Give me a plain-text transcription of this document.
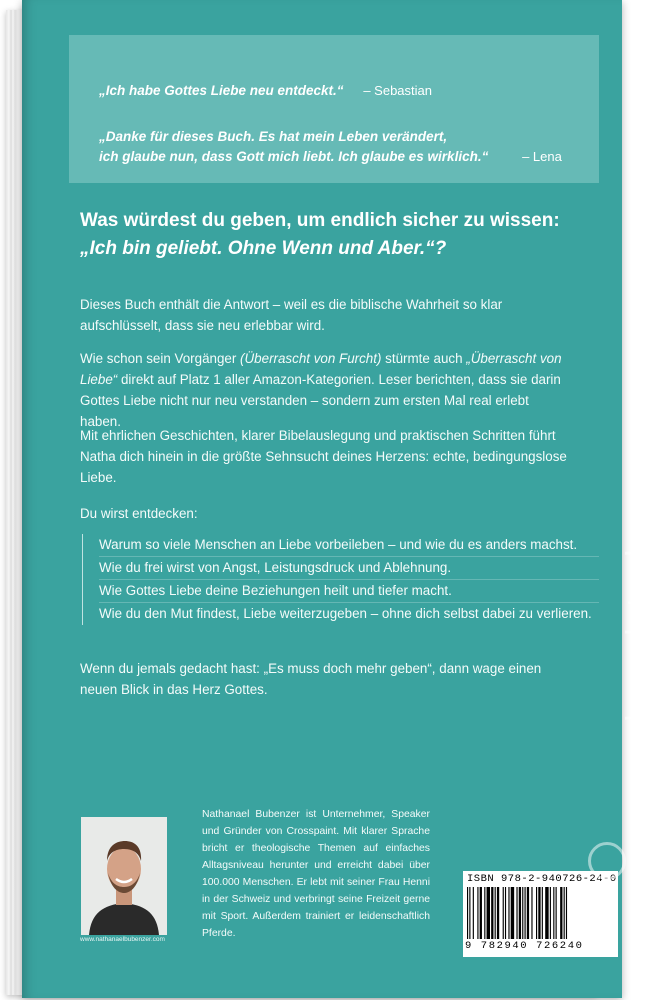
„Ich habe Gottes Liebe neu entdeckt.“ – Sebastian
„Danke für dieses Buch. Es hat mein Leben verändert,
ich glaube nun, dass Gott mich liebt. Ich glaube es wirklich.“	– Lena
Was würdest du geben, um endlich sicher zu wissen:
„Ich bin geliebt. Ohne Wenn und Aber.“?
Dieses Buch enthält die Antwort – weil es die biblische Wahrheit so klar aufschlüsselt, dass sie neu erlebbar wird.
Wie schon sein Vorgänger (Überrascht von Furcht) stürmte auch „Überrascht von Liebe“ direkt auf Platz 1 aller Amazon-Kategorien. Leser berichten, dass sie darin Gottes Liebe nicht nur neu verstanden – sondern zum ersten Mal real erlebt haben.
Mit ehrlichen Geschichten, klarer Bibelauslegung und praktischen Schritten führt Natha dich hinein in die größte Sehnsucht deines Herzens: echte, bedingungslose Liebe.
Du wirst entdecken:
Warum so viele Menschen an Liebe vorbeileben – und wie du es anders machst.
Wie du frei wirst von Angst, Leistungsdruck und Ablehnung.
Wie Gottes Liebe deine Beziehungen heilt und tiefer macht.
Wie du den Mut findest, Liebe weiterzugeben – ohne dich selbst dabei zu verlieren.
Wenn du jemals gedacht hast: „Es muss doch mehr geben“, dann wage einen neuen Blick in das Herz Gottes.
www.nathanaelbubenzer.com
Nathanael Bubenzer ist Unternehmer, Speaker und Gründer von Crosspaint. Mit klarer Sprache bricht er theologische Themen auf einfaches Alltagsniveau herunter und erreicht dabei über 100.000 Menschen. Er lebt mit seiner Frau Henni in der Schweiz und verbringt seine Freizeit gerne mit Sport. Außerdem trainiert er leidenschaftlich Pferde.
ISBN 978-2-940726-24-0
9 782940 726240
leseplatz.de
